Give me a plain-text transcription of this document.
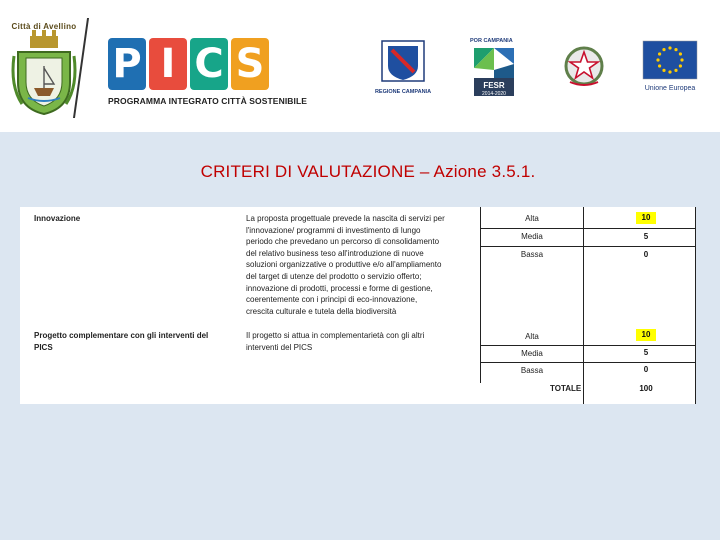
Città di Avellino
P I C S
PROGRAMMA INTEGRATO CITTÀ SOSTENIBILE
REGIONE CAMPANIA
POR CAMPANIA
FESR
2014-2020
Unione Europea
CRITERI DI VALUTAZIONE – Azione 3.5.1.
Innovazione	La proposta progettuale prevede la nascita di servizi per
l'innovazione/ programmi di investimento di lungo
periodo che prevedano un percorso di consolidamento
del relativo business teso all'introduzione di nuove
soluzioni organizzative o produttive e/o all'ampliamento
del target di utenze del prodotto o servizio offerto;
innovazione di prodotti, processi e forme di gestione,
coerentemente con i principi di eco-innovazione,
crescita culturale e tutela della biodiversità
Alta
Media
Bassa
10
5
0
Progetto complementare con gli interventi del
PICS
Il progetto si attua in complementarietà con gli altri
interventi del PICS
Alta
Media
Bassa
10
5
0
TOTALE	100
